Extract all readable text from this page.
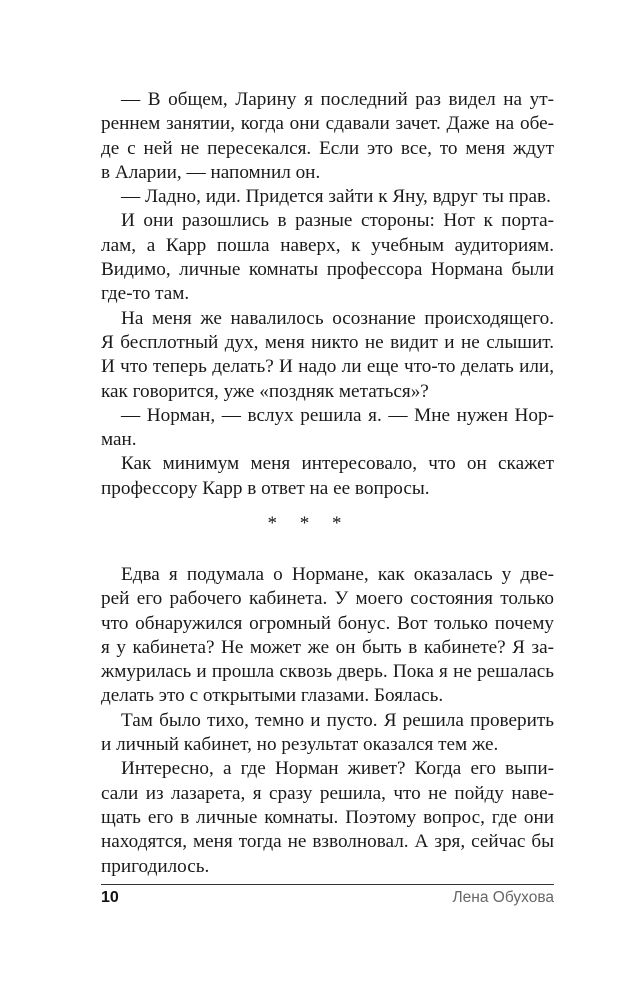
— В общем, Ларину я последний раз видел на ут-
реннем занятии, когда они сдавали зачет. Даже на обе-
де с ней не пересекался. Если это все, то меня ждут
в Аларии, — напомнил он.
— Ладно, иди. Придется зайти к Яну, вдруг ты прав.
И они разошлись в разные стороны: Нот к порта-
лам, а Карр пошла наверх, к учебным аудиториям.
Видимо, личные комнаты профессора Нормана были
где-то там.
На меня же навалилось осознание происходящего.
Я бесплотный дух, меня никто не видит и не слышит.
И что теперь делать? И надо ли еще что-то делать или,
как говорится, уже «поздняк метаться»?
— Норман, — вслух решила я. — Мне нужен Нор-
ман.
Как минимум меня интересовало, что он скажет
профессору Карр в ответ на ее вопросы.
* * *
Едва я подумала о Нормане, как оказалась у две-
рей его рабочего кабинета. У моего состояния только
что обнаружился огромный бонус. Вот только почему
я у кабинета? Не может же он быть в кабинете? Я за-
жмурилась и прошла сквозь дверь. Пока я не решалась
делать это с открытыми глазами. Боялась.
Там было тихо, темно и пусто. Я решила проверить
и личный кабинет, но результат оказался тем же.
Интересно, а где Норман живет? Когда его выпи-
сали из лазарета, я сразу решила, что не пойду наве-
щать его в личные комнаты. Поэтому вопрос, где они
находятся, меня тогда не взволновал. А зря, сейчас бы
пригодилось.
10	Лена Обухова
